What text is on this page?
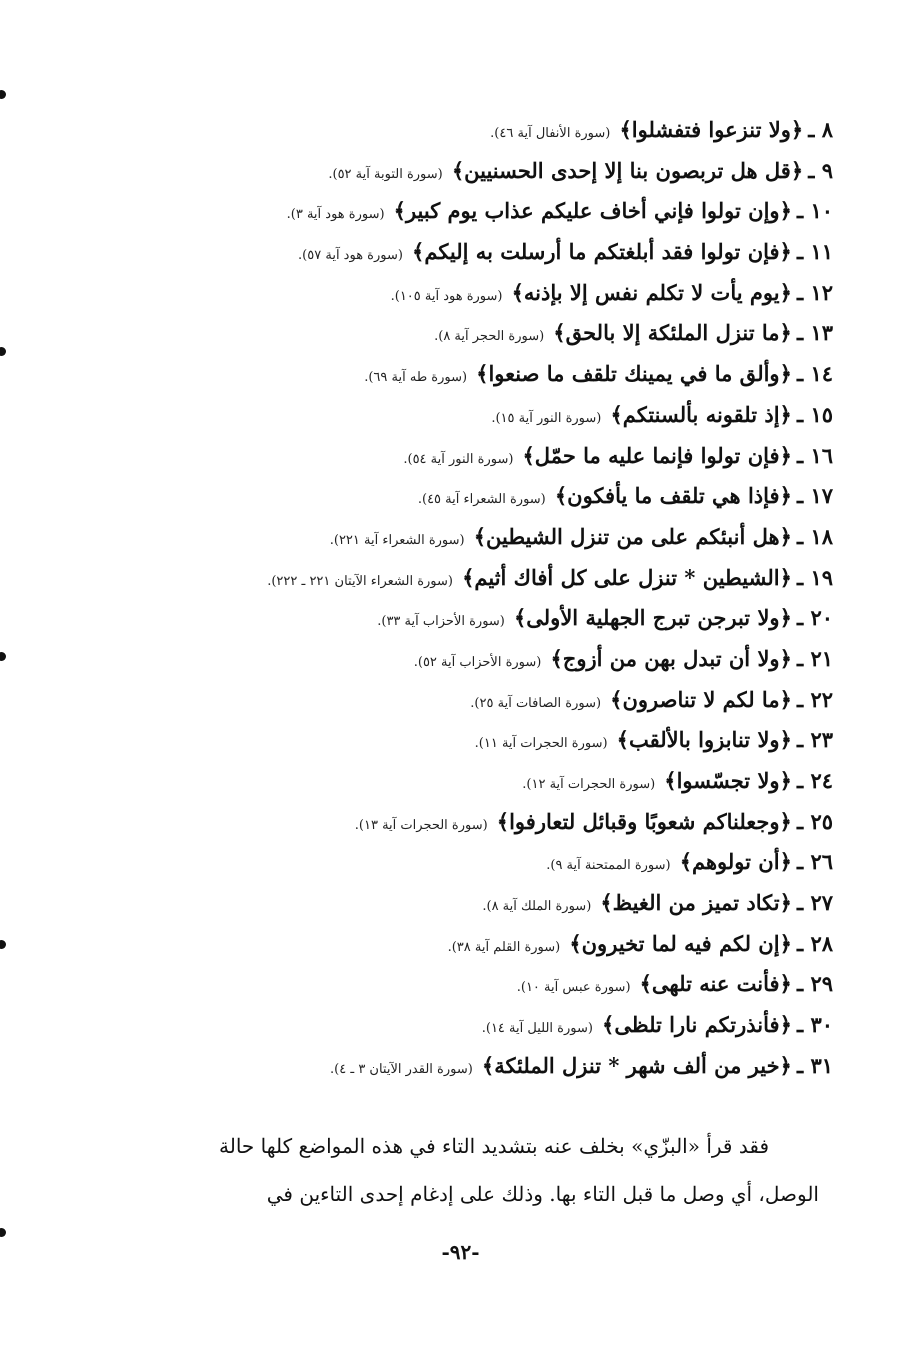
٨ ـ ﴿ولا تنزعوا فتفشلوا﴾ (سورة الأنفال آية ٤٦).
٩ ـ ﴿قل هل تربصون بنا إلا إحدى الحسنيين﴾ (سورة التوبة آية ٥٢).
١٠ ـ ﴿وإن تولوا فإني أخاف عليكم عذاب يوم كبير﴾ (سورة هود آية ٣).
١١ ـ ﴿فإن تولوا فقد أبلغتكم ما أرسلت به إليكم﴾ (سورة هود آية ٥٧).
١٢ ـ ﴿يوم يأت لا تكلم نفس إلا بإذنه﴾ (سورة هود آية ١٠٥).
١٣ ـ ﴿ما تنزل الملئكة إلا بالحق﴾ (سورة الحجر آية ٨).
١٤ ـ ﴿وألق ما في يمينك تلقف ما صنعوا﴾ (سورة طه آية ٦٩).
١٥ ـ ﴿إذ تلقونه بألسنتكم﴾ (سورة النور آية ١٥).
١٦ ـ ﴿فإن تولوا فإنما عليه ما حمّل﴾ (سورة النور آية ٥٤).
١٧ ـ ﴿فإذا هي تلقف ما يأفكون﴾ (سورة الشعراء آية ٤٥).
١٨ ـ ﴿هل أنبئكم على من تنزل الشيطين﴾ (سورة الشعراء آية ٢٢١).
١٩ ـ ﴿الشيطين * تنزل على كل أفاك أثيم﴾ (سورة الشعراء الآيتان ٢٢١ ـ ٢٢٢).
٢٠ ـ ﴿ولا تبرجن تبرج الجهلية الأولى﴾ (سورة الأحزاب آية ٣٣).
٢١ ـ ﴿ولا أن تبدل بهن من أزوج﴾ (سورة الأحزاب آية ٥٢).
٢٢ ـ ﴿ما لكم لا تناصرون﴾ (سورة الصافات آية ٢٥).
٢٣ ـ ﴿ولا تنابزوا بالألقب﴾ (سورة الحجرات آية ١١).
٢٤ ـ ﴿ولا تجسّسوا﴾ (سورة الحجرات آية ١٢).
٢٥ ـ ﴿وجعلناكم شعوبًا وقبائل لتعارفوا﴾ (سورة الحجرات آية ١٣).
٢٦ ـ ﴿أن تولوهم﴾ (سورة الممتحنة آية ٩).
٢٧ ـ ﴿تكاد تميز من الغيظ﴾ (سورة الملك آية ٨).
٢٨ ـ ﴿إن لكم فيه لما تخيرون﴾ (سورة القلم آية ٣٨).
٢٩ ـ ﴿فأنت عنه تلهى﴾ (سورة عبس آية ١٠).
٣٠ ـ ﴿فأنذرتكم نارا تلظى﴾ (سورة الليل آية ١٤).
٣١ ـ ﴿خير من ألف شهر * تنزل الملئكة﴾ (سورة القدر الآيتان ٣ ـ ٤).

فقد قرأ «البزّي» بخلف عنه بتشديد التاء في هذه المواضع كلها حالة

الوصل، أي وصل ما قبل التاء بها. وذلك على إدغام إحدى التاءين في

-٩٢-
